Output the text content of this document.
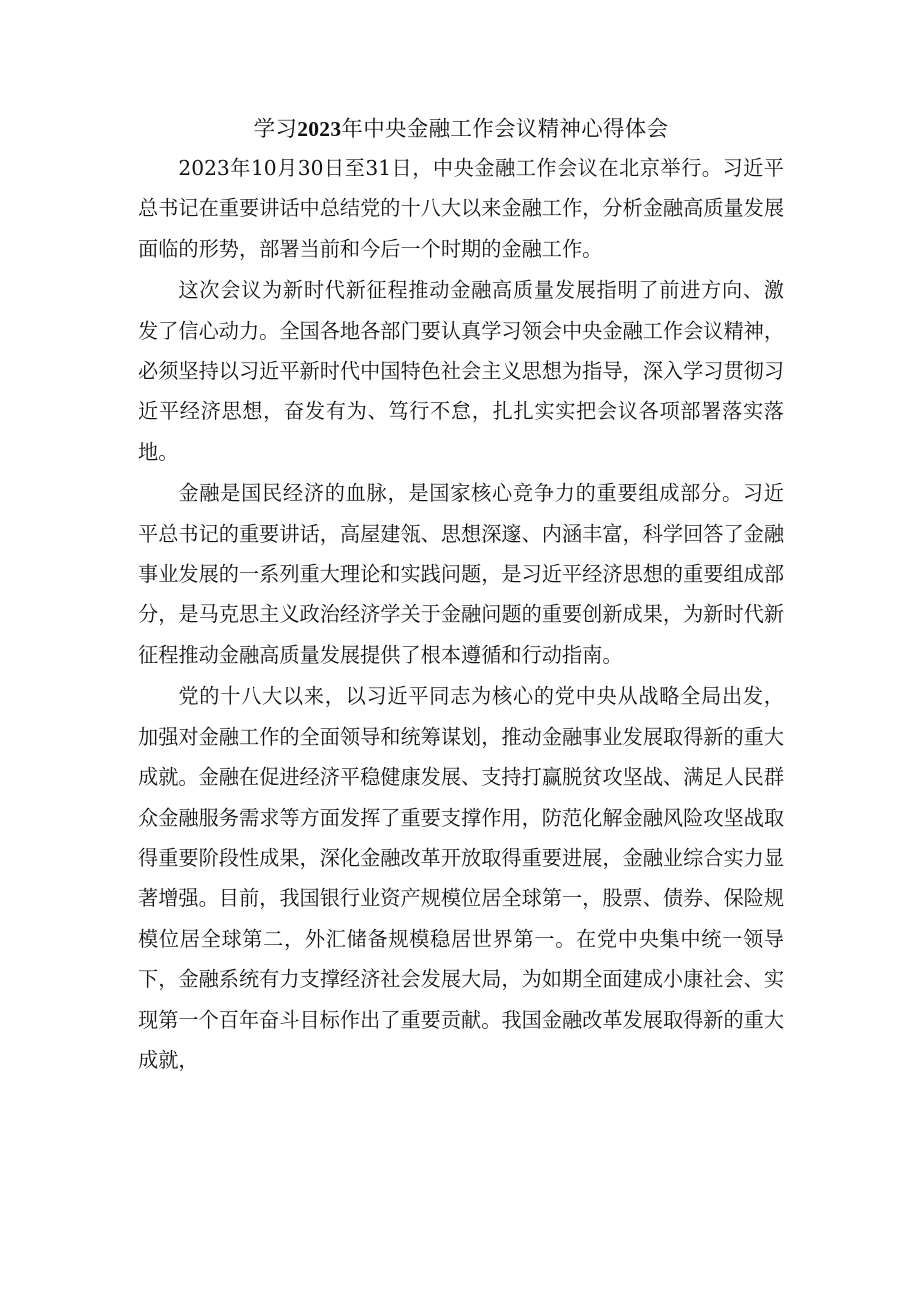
学习2023年中央金融工作会议精神心得体会

2023年10月30日至31日，中央金融工作会议在北京举行。习近平总书记在重要讲话中总结党的十八大以来金融工作，分析金融高质量发展面临的形势，部署当前和今后一个时期的金融工作。

这次会议为新时代新征程推动金融高质量发展指明了前进方向、激发了信心动力。全国各地各部门要认真学习领会中央金融工作会议精神，必须坚持以习近平新时代中国特色社会主义思想为指导，深入学习贯彻习近平经济思想，奋发有为、笃行不怠，扎扎实实把会议各项部署落实落地。

金融是国民经济的血脉，是国家核心竞争力的重要组成部分。习近平总书记的重要讲话，高屋建瓴、思想深邃、内涵丰富，科学回答了金融事业发展的一系列重大理论和实践问题，是习近平经济思想的重要组成部分，是马克思主义政治经济学关于金融问题的重要创新成果，为新时代新征程推动金融高质量发展提供了根本遵循和行动指南。

党的十八大以来，以习近平同志为核心的党中央从战略全局出发，加强对金融工作的全面领导和统筹谋划，推动金融事业发展取得新的重大成就。金融在促进经济平稳健康发展、支持打赢脱贫攻坚战、满足人民群众金融服务需求等方面发挥了重要支撑作用，防范化解金融风险攻坚战取得重要阶段性成果，深化金融改革开放取得重要进展，金融业综合实力显著增强。目前，我国银行业资产规模位居全球第一，股票、债券、保险规模位居全球第二，外汇储备规模稳居世界第一。在党中央集中统一领导下，金融系统有力支撑经济社会发展大局，为如期全面建成小康社会、实现第一个百年奋斗目标作出了重要贡献。我国金融改革发展取得新的重大成就，
